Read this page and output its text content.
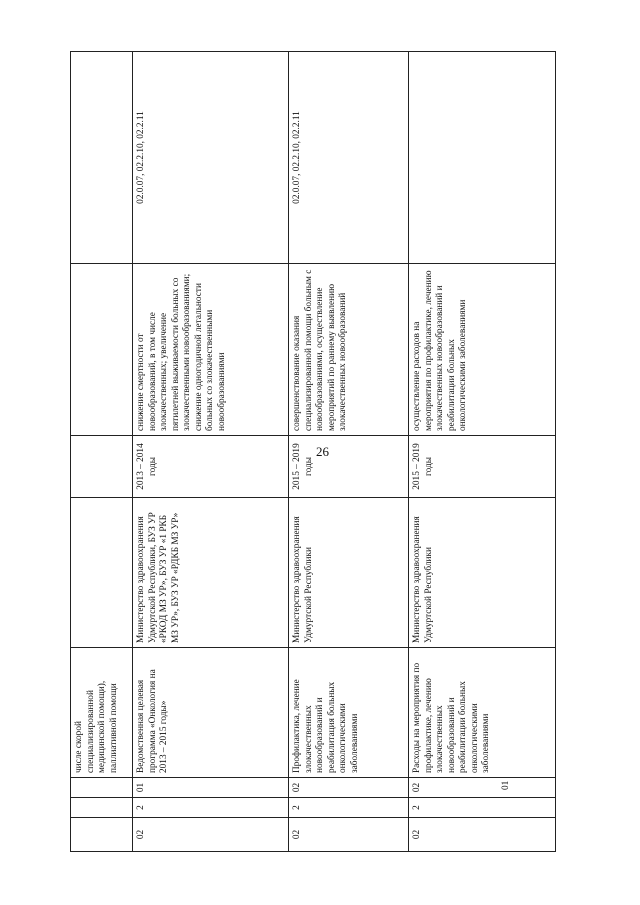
26
			числе скорой специализированной медицинской помощи), паллиативной помощи				
02	2	01	Ведомственная целевая программа «Онкология на 2013 – 2015 годы»	Министерство здравоохранения Удмуртской Республики, БУЗ УР «РКОД МЗ УР», БУЗ УР «1 РКБ МЗ УР», БУЗ УР «РДКБ МЗ УР»	2013 – 2014 годы	снижение смертности от новообразований, в том числе злокачественных; увеличение пятилетней выживаемости больных со злокачественными новообразованиями; снижение одногодичной летальности больных со злокачественными новообразованиями	02.0.07, 02.2.10, 02.2.11
02	2	02	Профилактика, лечение злокачественных новообразований и реабилитация больных онкологическими заболеваниями	Министерство здравоохранения Удмуртской Республики	2015 – 2019 годы	совершенствование оказания специализированной помощи больным с новообразованиями, осуществление мероприятий по раннему выявлению злокачественных новообразований	02.0.07, 02.2.10, 02.2.11
02	2	02	Расходы на мероприятия по профилактике, лечению злокачественных новообразований и реабилитации больных онкологическими заболеваниями	Министерство здравоохранения Удмуртской Республики	2015 – 2019 годы	осуществление расходов на мероприятия по профилактике, лечению злокачественных новообразований и реабилитации больных онкологическими заболеваниями	
01
